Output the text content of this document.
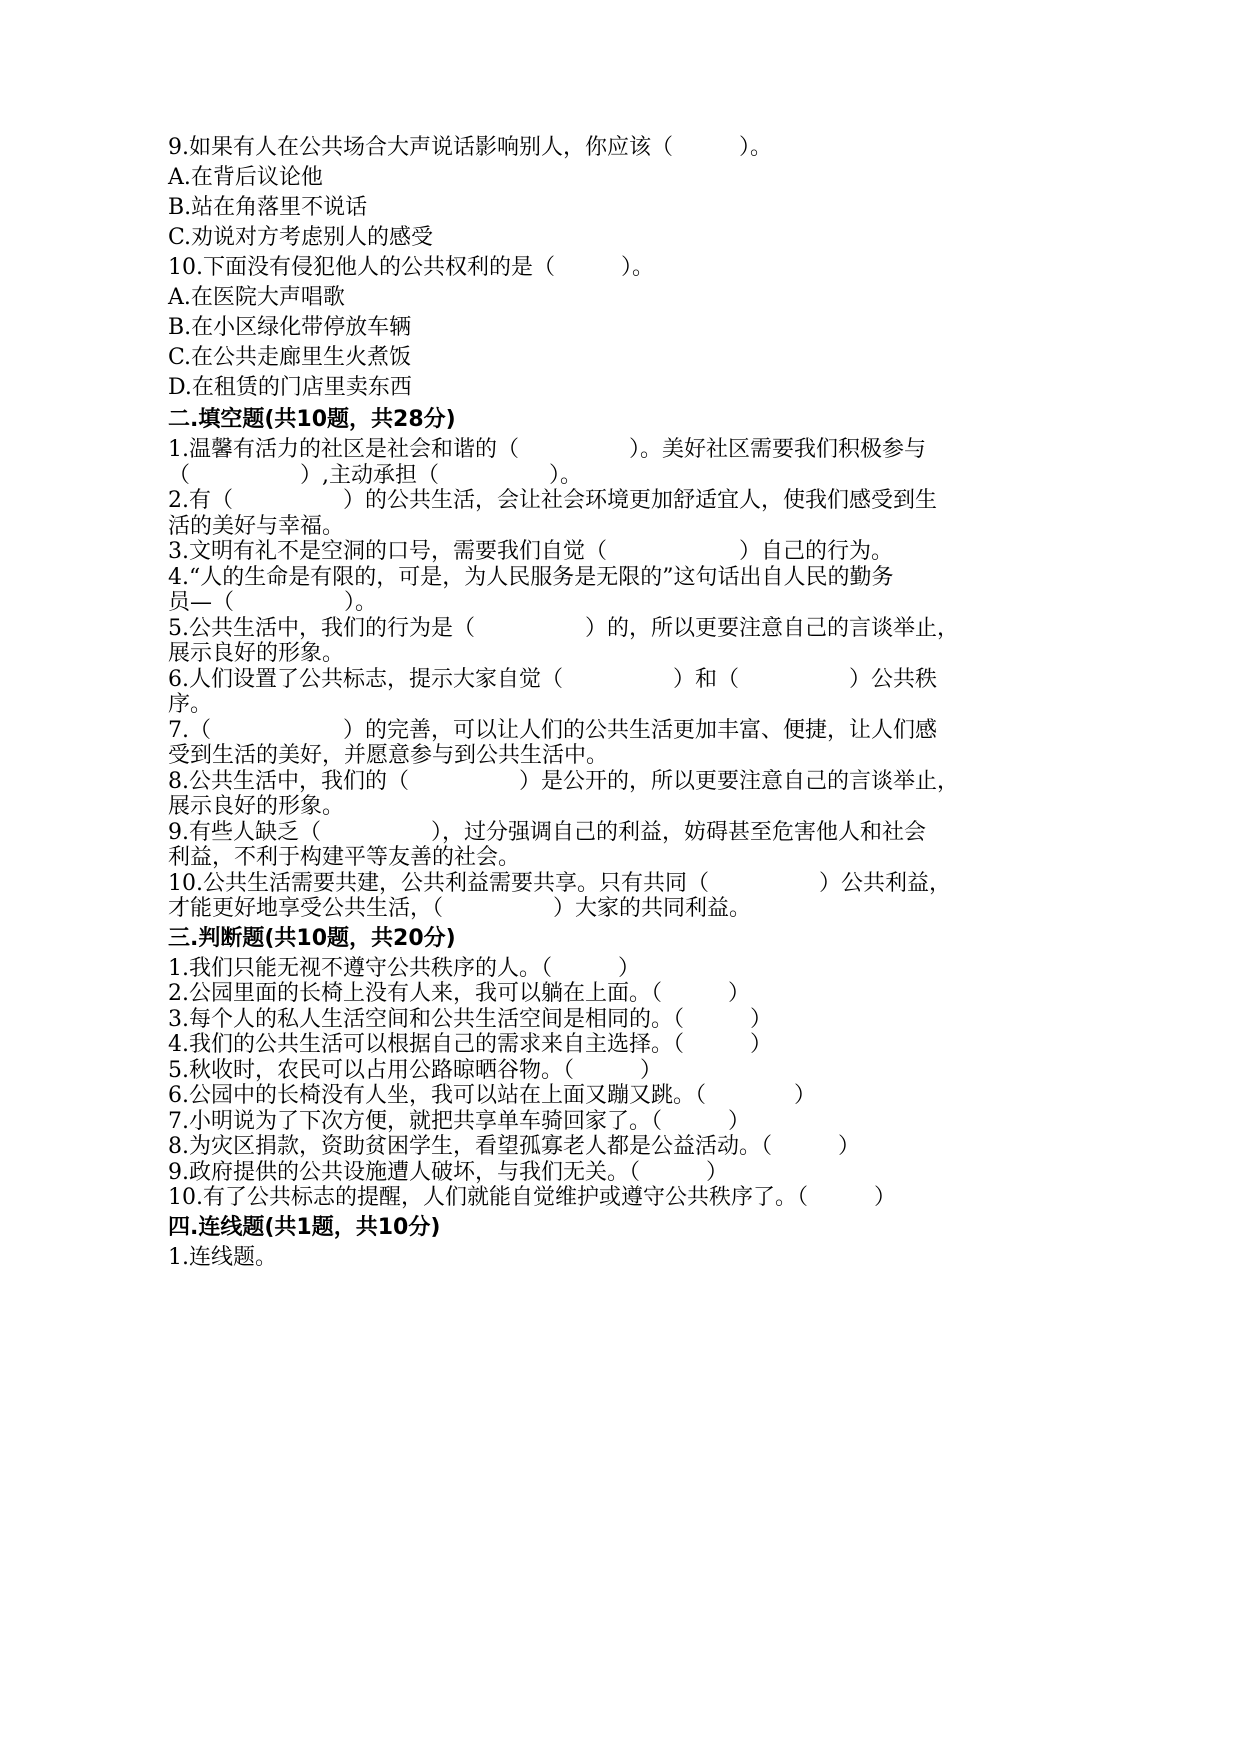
9.如果有人在公共场合大声说话影响别人，你应该（　　　）。
A.在背后议论他
B.站在角落里不说话
C.劝说对方考虑别人的感受
10.下面没有侵犯他人的公共权利的是（　　　）。
A.在医院大声唱歌
B.在小区绿化带停放车辆
C.在公共走廊里生火煮饭
D.在租赁的门店里卖东西
二.填空题(共10题，共28分)
1.温馨有活力的社区是社会和谐的（　　　　　）。美好社区需要我们积极参与
（　　　　　）,主动承担（　　　　　）。
2.有（　　　　　）的公共生活，会让社会环境更加舒适宜人，使我们感受到生
活的美好与幸福。
3.文明有礼不是空洞的口号，需要我们自觉（　　　　　　）自己的行为。
4.“人的生命是有限的，可是，为人民服务是无限的”这句话出自人民的勤务
员—（　　　　　）。
5.公共生活中，我们的行为是（　　　　　）的，所以更要注意自己的言谈举止，
展示良好的形象。
6.人们设置了公共标志，提示大家自觉（　　　　　）和（　　　　　）公共秩
序。
7.（　　　　　　）的完善，可以让人们的公共生活更加丰富、便捷，让人们感
受到生活的美好，并愿意参与到公共生活中。
8.公共生活中，我们的（　　　　　）是公开的，所以更要注意自己的言谈举止，
展示良好的形象。
9.有些人缺乏（　　　　　），过分强调自己的利益，妨碍甚至危害他人和社会
利益，不利于构建平等友善的社会。
10.公共生活需要共建，公共利益需要共享。只有共同（　　　　　）公共利益，
才能更好地享受公共生活，（　　　　　）大家的共同利益。
三.判断题(共10题，共20分)
1.我们只能无视不遵守公共秩序的人。（　　　）
2.公园里面的长椅上没有人来，我可以躺在上面。（　　　）
3.每个人的私人生活空间和公共生活空间是相同的。（　　　）
4.我们的公共生活可以根据自己的需求来自主选择。（　　　）
5.秋收时，农民可以占用公路晾晒谷物。（　　　）
6.公园中的长椅没有人坐，我可以站在上面又蹦又跳。（　　　　）
7.小明说为了下次方便，就把共享单车骑回家了。（　　　）
8.为灾区捐款，资助贫困学生，看望孤寡老人都是公益活动。（　　　）
9.政府提供的公共设施遭人破坏，与我们无关。（　　　）
10.有了公共标志的提醒，人们就能自觉维护或遵守公共秩序了。（　　　）
四.连线题(共1题，共10分)
1.连线题。
